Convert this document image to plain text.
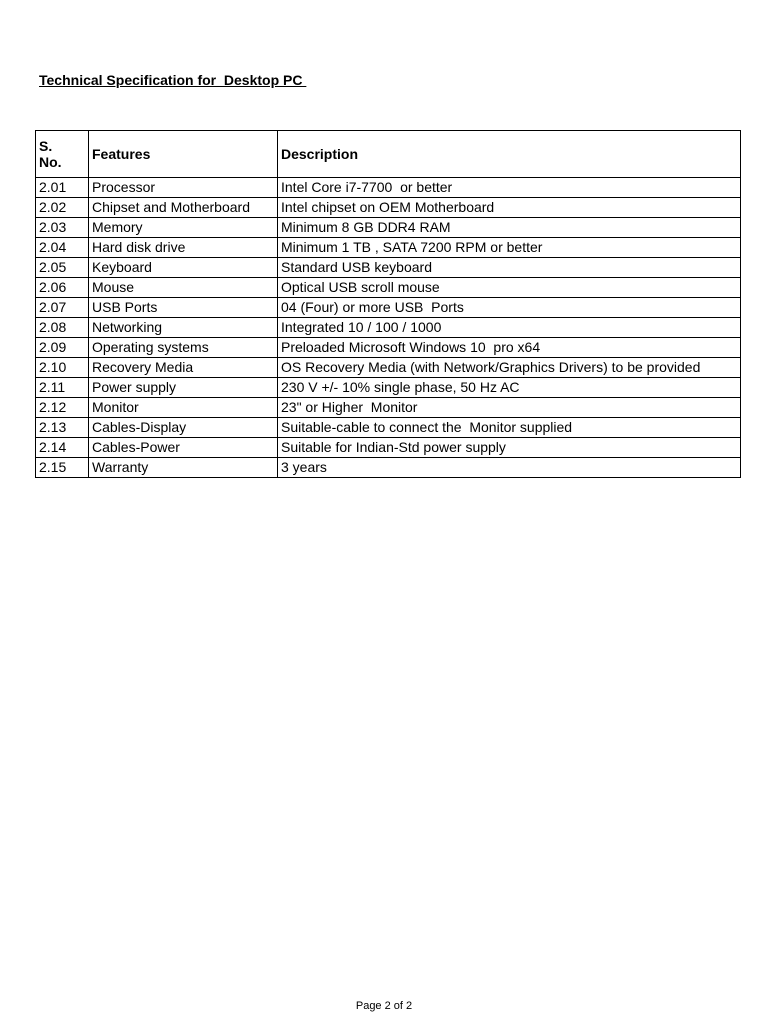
Technical Specification for  Desktop PC
S.
No.	Features	Description
2.01	Processor	Intel Core i7-7700  or better
2.02	Chipset and Motherboard	Intel chipset on OEM Motherboard
2.03	Memory	Minimum 8 GB DDR4 RAM
2.04	Hard disk drive	Minimum 1 TB , SATA 7200 RPM or better
2.05	Keyboard	Standard USB keyboard
2.06	Mouse	Optical USB scroll mouse
2.07	USB Ports	04 (Four) or more USB  Ports
2.08	Networking	Integrated 10 / 100 / 1000
2.09	Operating systems	Preloaded Microsoft Windows 10  pro x64
2.10	Recovery Media	OS Recovery Media (with Network/Graphics Drivers) to be provided
2.11	Power supply	230 V +/- 10% single phase, 50 Hz AC
2.12	Monitor	23" or Higher  Monitor
2.13	Cables-Display	Suitable-cable to connect the  Monitor supplied
2.14	Cables-Power	Suitable for Indian-Std power supply
2.15	Warranty	3 years
Page 2 of 2
